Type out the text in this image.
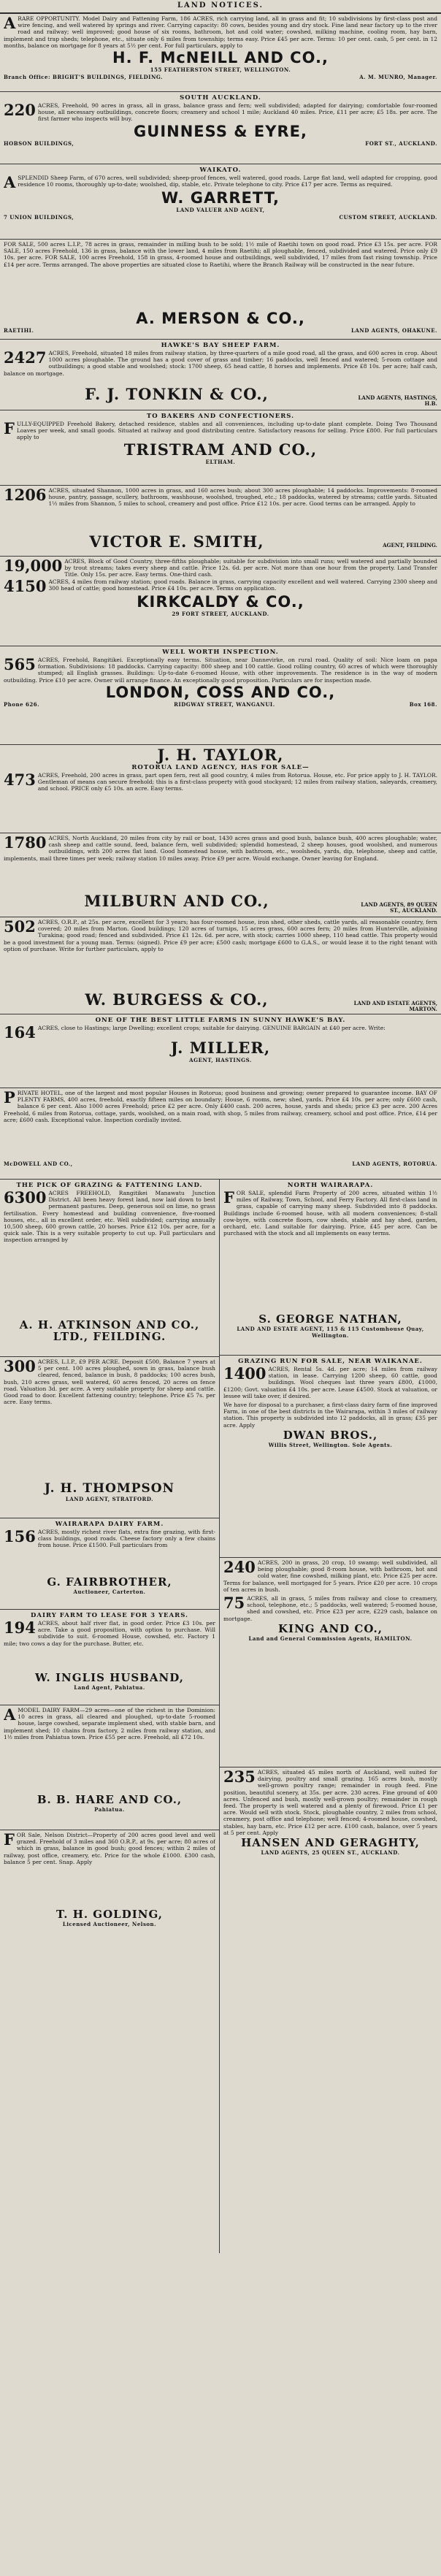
LAND NOTICES.

ARARE OPPORTUNITY. Model Dairy and Fattening Farm, 186 ACRES, rich carrying land, all in grass and fit; 10 subdivisions by first-class post and wire fencing, and well watered by springs and river. Carrying capacity: 80 cows, besides young and dry stock. Fine land near factory up to the river road and railway; well improved; good house of six rooms, bathroom, hot and cold water; cowshed, milking machine, cooling room, hay barn, implement and trap sheds; telephone, etc., situate only 6 miles from township; terms easy. Price £45 per acre. Terms: 10 per cent. cash, 5 per cent. in 12 months, balance on mortgage for 8 years at 5½ per cent. For full particulars, apply to

H. F. McNEILL AND CO.,
155 FEATHERSTON STREET, WELLINGTON.
Branch Office: BRIGHT'S BUILDINGS, FIELDING.	A. M. MUNRO, Manager.
SOUTH AUCKLAND.

220 ACRES, Freehold, 90 acres in grass, all in grass, balance grass and fern; well subdivided; adapted for dairying; comfortable four-roomed house, all necessary outbuildings, concrete floors; creamery and school 1 mile; Auckland 40 miles. Price, £11 per acre; £5 18s. per acre. The first farmer who inspects will buy.

GUINNESS & EYRE,
HOBSON BUILDINGS,	FORT ST., AUCKLAND.
WAIKATO.

ASPLENDID Sheep Farm, of 670 acres, well subdivided; sheep-proof fences, well watered, good roads. Large flat land, well adapted for cropping, good residence 10 rooms, thoroughly up-to-date; woolshed, dip, stable, etc. Private telephone to city. Price £17 per acre. Terms as required.

W. GARRETT,
LAND VALUER AND AGENT,
7 UNION BUILDINGS,	CUSTOM STREET, AUCKLAND.

FOR SALE, 500 acres L.I.P., 78 acres in grass, remainder in milling bush to be sold; 1½ mile of Raetihi town on good road. Price £3 15s. per acre. FOR SALE, 150 acres Freehold, 136 in grass, balance with the lower land, 4 miles from Raetihi; all ploughable, fenced, subdivided and watered. Price only £9 10s. per acre. FOR SALE, 100 acres Freehold, 158 in grass, 4-roomed house and outbuildings, well subdivided, 17 miles from fast rising township. Price £14 per acre. Terms arranged. The above properties are situated close to Raetihi, where the Branch Railway will be constructed in the near future.

A. MERSON & CO.,
RAETIHI.	LAND AGENTS, OHAKUNE.
HAWKE'S BAY SHEEP FARM.

2427 ACRES, Freehold, situated 18 miles from railway station, by three-quarters of a mile good road, all the grass, and 600 acres in crop. About 1000 acres ploughable. The ground has a good cover of grass and timber; 16 paddocks, well fenced and watered; 5-room cottage and outbuildings; a good stable and woolshed; stock: 1700 sheep, 65 head cattle, 8 horses and implements. Price £8 10s. per acre; half cash, balance on mortgage.

F. J. TONKIN & CO.,	LAND AGENTS, HASTINGS, H.B.
TO BAKERS AND CONFECTIONERS.

FULLY-EQUIPPED Freehold Bakery, detached residence, stables and all conveniences, including up-to-date plant complete. Doing Two Thousand Loaves per week, and small goods. Situated at railway and good distributing centre. Satisfactory reasons for selling. Price £800. For full particulars apply to

TRISTRAM AND CO.,
ELTHAM.

1206 ACRES, situated Shannon, 1000 acres in grass, and 160 acres bush; about 300 acres ploughable; 14 paddocks. Improvements: 8-roomed house, pantry, passage, scullery, bathroom, washhouse, woolshed, troughed, etc.; 18 paddocks, watered by streams; cattle yards. Situated 1½ miles from Shannon, 5 miles to school, creamery and post office. Price £12 10s. per acre. Good terms can be arranged. Apply to

VICTOR E. SMITH,	AGENT, FEILDING.

19,000 ACRES, Block of Good Country, three-fifths ploughable; suitable for subdivision into small runs; well watered and partially bounded by trout streams; takes every sheep and cattle. Price 12s. 6d. per acre. Not more than one hour from the property. Land Transfer Title. Only 15s. per acre. Easy terms. One-third cash.

4150 ACRES, 4 miles from railway station; good roads. Balance in grass, carrying capacity excellent and well watered. Carrying 2300 sheep and 300 head of cattle; good homestead. Price £4 10s. per acre. Terms on application.

KIRKCALDY & CO.,
29 FORT STREET, AUCKLAND.
WELL WORTH INSPECTION.

565 ACRES, Freehold, Rangitikei. Exceptionally easy terms. Situation, near Dannevirke, on rural road. Quality of soil: Nice loam on papa formation. Subdivisions: 18 paddocks. Carrying capacity: 800 sheep and 100 cattle. Good rolling country, 60 acres of which were thoroughly stumped; all English grasses. Buildings: Up-to-date 6-roomed House, with other improvements. The residence is in the way of modern outbuilding. Price £10 per acre. Owner will arrange finance. An exceptionally good proposition. Particulars are for inspection made.

LONDON, COSS AND CO.,
Phone 626.	RIDGWAY STREET, WANGANUI.	Box 168.
J. H. TAYLOR,
ROTORUA LAND AGENCY, HAS FOR SALE—

473 ACRES, Freehold, 200 acres in grass, part open fern, rest all good country, 4 miles from Rotorua. House, etc. For price apply to J. H. TAYLOR. Gentleman of means can secure freehold; this is a first-class property with good stockyard; 12 miles from railway station, saleyards, creamery, and school. PRICE only £5 10s. an acre. Easy terms.

1780 ACRES, North Auckland, 20 miles from city by rail or boat, 1430 acres grass and good bush, balance bush, 400 acres ploughable; water, cash sheep and cattle sound, feed, balance fern, well subdivided; splendid homestead, 2 sheep houses, good woolshed, and numerous outbuildings, with 200 acres flat land. Good homestead house, with bathroom, etc., woolsheds, yards, dip, telephone, sheep and cattle, implements, mail three times per week; railway station 10 miles away. Price £9 per acre. Would exchange. Owner leaving for England.

MILBURN AND CO.,	LAND AGENTS, 89 QUEEN ST., AUCKLAND.

502 ACRES, O.R.P., at 25s. per acre, excellent for 3 years; has four-roomed house, iron shed, other sheds, cattle yards, all reasonable country, fern covered; 20 miles from Marton. Good buildings; 120 acres of turnips, 15 acres grass, 600 acres fern; 20 miles from Hunterville, adjoining Turakina; good road; fenced and subdivided. Price £1 12s. 6d. per acre, with stock; carries 1000 sheep, 110 head cattle. This property would be a good investment for a young man. Terms: (signed). Price £9 per acre; £500 cash; mortgage £600 to G.A.S., or would lease it to the right tenant with option of purchase. Write for further particulars, apply to

W. BURGESS & CO.,	LAND AND ESTATE AGENTS, MARTON.
ONE OF THE BEST LITTLE FARMS IN SUNNY HAWKE'S BAY.

164 ACRES, close to Hastings; large Dwelling; excellent crops; suitable for dairying. GENUINE BARGAIN at £40 per acre. Write:

J. MILLER,
AGENT, HASTINGS.

PRIVATE HOTEL, one of the largest and most popular Houses in Rotorua; good business and growing; owner prepared to guarantee income. BAY OF PLENTY FARMS, 400 acres, freehold, exactly fifteen miles on boundary; House, 6 rooms, new; shed, yards. Price £4 10s. per acre; only £600 cash, balance 6 per cent. Also 1000 acres Freehold; price £2 per acre. Only £400 cash. 200 acres, house, yards and sheds; price £3 per acre. 200 Acres Freehold, 6 miles from Rotorua, cottage, yards, woolshed, on a main road, with shop, 5 miles from railway, creamery, school and post office. Price, £14 per acre; £600 cash. Exceptional value. Inspection cordially invited.

McDOWELL AND CO.,	LAND AGENTS, ROTORUA.
THE PICK OF GRAZING & FATTENING LAND.

6300 ACRES FREEHOLD, Rangitikei Manawatu Junction District. All been heavy forest land, now laid down to best permanent pastures. Deep, generous soil on lime, no grass fertilisation. Every homestead and building convenience, five-roomed houses, etc., all in excellent order, etc. Well subdivided; carrying annually 10,500 sheep, 600 grown cattle, 20 horses. Price £12 10s. per acre, for a quick sale. This is a very suitable property to cut up. Full particulars and inspection arranged by

A. H. ATKINSON AND CO., LTD., FEILDING.

300 ACRES, L.I.P., £9 PER ACRE. Deposit £500, Balance 7 years at 5 per cent. 100 acres ploughed, sown in grass, balance bush cleared, fenced, balance in bush, 8 paddocks; 100 acres bush, bush, 210 acres grass, well watered, 60 acres fenced, 20 acres on fence road. Valuation 3d. per acre. A very suitable property for sheep and cattle. Good road to door. Excellent fattening country; telephone. Price £5 7s. per acre. Easy terms.

J. H. THOMPSON
LAND AGENT, STRATFORD.
WAIRARAPA DAIRY FARM.

156 ACRES, mostly richest river flats, extra fine grazing, with first-class buildings, good roads. Cheese factory only a few chains from house. Price £1500. Full particulars from

G. FAIRBROTHER,
Auctioneer, Carterton.
DAIRY FARM TO LEASE FOR 3 YEARS.

194 ACRES, about half river flat, in good order. Price £3 10s. per acre. Take a good proposition, with option to purchase. Will subdivide to suit. 6-roomed House, cowshed, etc. Factory 1 mile; two cows a day for the purchase. Butter, etc.

W. INGLIS HUSBAND,
Land Agent, Pahiatua.

AMODEL DAIRY FARM—29 acres—one of the richest in the Dominion: 10 acres in grass, all cleared and ploughed, up-to-date 5-roomed house, large cowshed, separate implement shed, with stable barn, and implement shed; 10 chains from factory, 2 miles from railway station, and 1½ miles from Pahiatua town. Price £55 per acre. Freehold, all £72 10s.

B. B. HARE AND CO.,
Pahiatua.

FOR Sale, Nelson District—Property of 200 acres good level and well grazed. Freehold of 3 miles and 360 O.R.P., at 9s. per acre; 80 acres of which in grass, balance in good bush; good fences; within 2 miles of railway, post office, creamery, etc. Price for the whole £1000. £300 cash, balance 5 per cent. Snap. Apply

T. H. GOLDING,
Licensed Auctioneer, Nelson.
NORTH WAIRARAPA.

FOR SALE, splendid Farm Property of 200 acres, situated within 1½ miles of Railway, Town, School, and Ferry Factory. All first-class land in grass, capable of carrying many sheep. Subdivided into 8 paddocks. Buildings include 6-roomed house, with all modern conveniences; 8-stall cow-byre, with concrete floors, cow sheds, stable and hay shed, garden, orchard, etc. Land suitable for dairying. Price, £45 per acre. Can be purchased with the stock and all implements on easy terms.

S. GEORGE NATHAN,
LAND AND ESTATE AGENT, 115 & 115 Customhouse Quay, Wellington.
GRAZING RUN FOR SALE, NEAR WAIKANAE.

1400 ACRES, Rental 5s. 4d. per acre; 14 miles from railway station, in lease. Carrying 1200 sheep, 60 cattle, good buildings. Wool cheques last three years £800, £1000, £1200; Govt. valuation £4 10s. per acre. Lease £4500. Stock at valuation, or lessee will take over, if desired.

We have for disposal to a purchaser, a first-class dairy farm of fine improved Farm, in one of the best districts in the Wairarapa, within 3 miles of railway station. This property is subdivided into 12 paddocks, all in grass; £35 per acre. Apply

DWAN BROS.,
Willis Street, Wellington. Sole Agents.

240 ACRES, 200 in grass, 20 crop, 10 swamp; well subdivided, all being ploughable; good 8-room house, with bathroom, hot and cold water, fine cowshed, milking plant, etc. Price £25 per acre. Terms for balance, well mortgaged for 5 years. Price £20 per acre. 10 crops of ten acres in bush.

75 ACRES, all in grass, 5 miles from railway and close to creamery, school, telephone, etc.; 5 paddocks, well watered; 5-roomed house, shed and cowshed, etc. Price £23 per acre, £229 cash, balance on mortgage.

KING AND CO.,
Land and General Commission Agents, HAMILTON.

235 ACRES, situated 45 miles north of Auckland, well suited for dairying, poultry and small grazing. 165 acres bush, mostly well-grown poultry range; remainder in rough feed. Fine position, beautiful scenery, at 35s. per acre. 230 acres. Fine ground of 400 acres. Unfenced and bush, mostly well-grown poultry; remainder in rough feed. The property is well watered and a plenty of firewood. Price £1 per acre. Would sell with stock. Stock, ploughable country, 2 miles from school, creamery, post office and telephone; well fenced; 4-roomed house, cowshed, stables, hay barn, etc. Price £12 per acre. £100 cash, balance, over 5 years at 5 per cent. Apply

HANSEN AND GERAGHTY,
LAND AGENTS, 25 QUEEN ST., AUCKLAND.
